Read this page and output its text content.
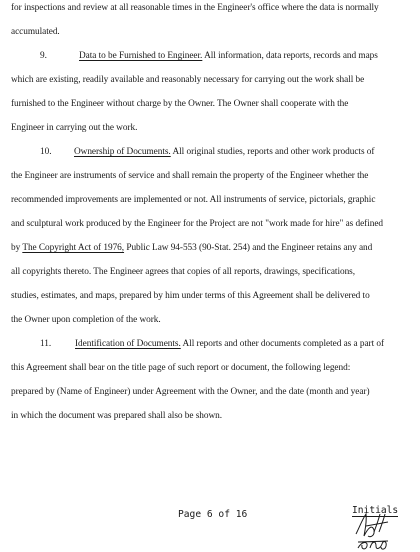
for inspections and review at all reasonable times in the Engineer's office where the data is normally
accumulated.
9.	Data to be Furnished to Engineer. All information, data reports, records and maps
which are existing, readily available and reasonably necessary for carrying out the work shall be
furnished to the Engineer without charge by the Owner. The Owner shall cooperate with the
Engineer in carrying out the work.
10. Ownership of Documents. All original studies, reports and other work products of
the Engineer are instruments of service and shall remain the property of the Engineer whether the
recommended improvements are implemented or not. All instruments of service, pictorials, graphic
and sculptural work produced by the Engineer for the Project are not "work made for hire" as defined
by The Copyright Act of 1976, Public Law 94-553 (90-Stat. 254) and the Engineer retains any and
all copyrights thereto. The Engineer agrees that copies of all reports, drawings, specifications,
studies, estimates, and maps, prepared by him under terms of this Agreement shall be delivered to
the Owner upon completion of the work.
11.	Identification of Documents. All reports and other documents completed as a part of
this Agreement shall bear on the title page of such report or document, the following legend:
prepared by (Name of Engineer) under Agreement with the Owner, and the date (month and year)
in which the document was prepared shall also be shown.
Page 6 of 16	Initials
